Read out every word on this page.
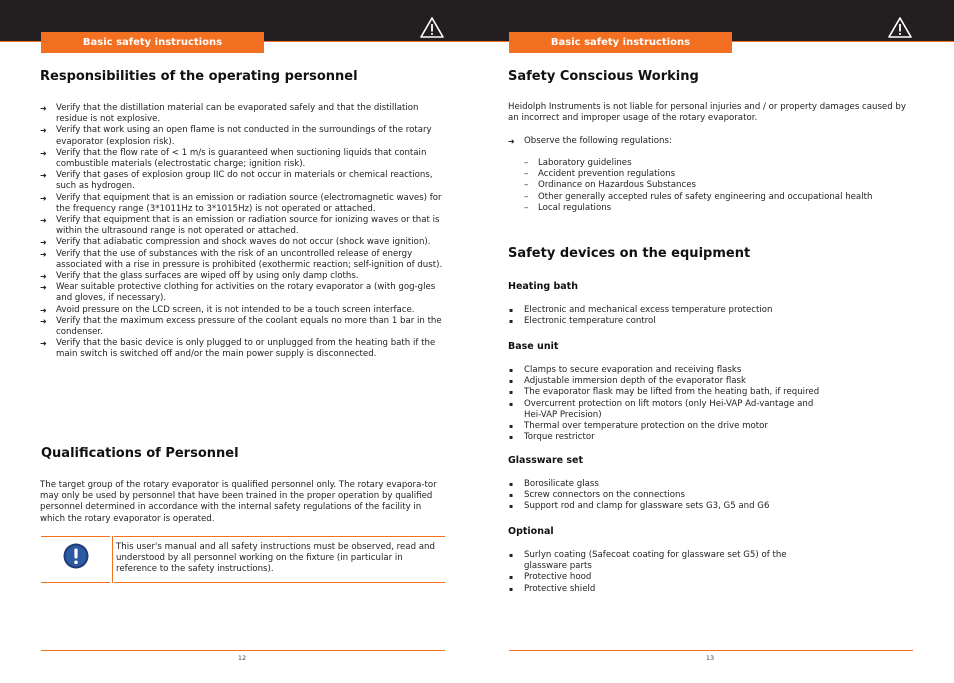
Basic safety instructions	Basic safety instructions
Responsibilities of the operating personnel
➜	Verify that the distillation material can be evaporated safely and that the distillation residue is not explosive.
➜	Verify that work using an open flame is not conducted in the surroundings of the rotary evaporator (explosion risk).
➜	Verify that the flow rate of < 1 m/s is guaranteed when suctioning liquids that contain combustible materials (electrostatic charge; ignition risk).
➜	Verify that gases of explosion group IIC do not occur in materials or chemical reactions, such as hydrogen.
➜	Verify that equipment that is an emission or radiation source (electromagnetic waves) for the frequency range (3*1011Hz to 3*1015Hz) is not operated or attached.
➜	Verify that equipment that is an emission or radiation source for ionizing waves or that is within the ultrasound range is not operated or attached.
➜	Verify that adiabatic compression and shock waves do not occur (shock wave ignition).
➜	Verify that the use of substances with the risk of an uncontrolled release of energy associated with a rise in pressure is prohibited (exothermic reaction; self-ignition of dust).
➜	Verify that the glass surfaces are wiped off by using only damp cloths.
➜	Wear suitable protective clothing for activities on the rotary evaporator a (with gog-gles and gloves, if necessary).
➜	Avoid pressure on the LCD screen, it is not intended to be a touch screen interface.
➜	Verify that the maximum excess pressure of the coolant equals no more than 1 bar in the condenser.
➜	Verify that the basic device is only plugged to or unplugged from the heating bath if the main switch is switched off and/or the main power supply is disconnected.
Qualifications of Personnel

The target group of the rotary evaporator is qualified personnel only. The rotary evapora-tor may only be used by personnel that have been trained in the proper operation by qualified personnel determined in accordance with the internal safety regulations of the facility in which the rotary evaporator is operated.

This user's manual and all safety instructions must be observed, read and understood by all personnel working on the fixture (in particular in reference to the safety instructions).

12
Safety Conscious Working

Heidolph Instruments is not liable for personal injuries and / or property damages caused by an incorrect and improper usage of the rotary evaporator.

➜	Observe the following regulations:
–	Laboratory guidelines
–	Accident prevention regulations
–	Ordinance on Hazardous Substances
–	Other generally accepted rules of safety engineering and occupational health
–	Local regulations
Safety devices on the equipment
Heating bath
▪	Electronic and mechanical excess temperature protection
▪	Electronic temperature control
Base unit
▪	Clamps to secure evaporation and receiving flasks
▪	Adjustable immersion depth of the evaporator flask
▪	The evaporator flask may be lifted from the heating bath, if required
▪	Overcurrent protection on lift motors (only Hei-VAP Ad-vantage and Hei-VAP Precision)
▪	Thermal over temperature protection on the drive motor
▪	Torque restrictor
Glassware set
▪	Borosilicate glass
▪	Screw connectors on the connections
▪	Support rod and clamp for glassware sets G3, G5 and G6
Optional
▪	Surlyn coating (Safecoat coating for glassware set G5) of the glassware parts
▪	Protective hood
▪	Protective shield
13
